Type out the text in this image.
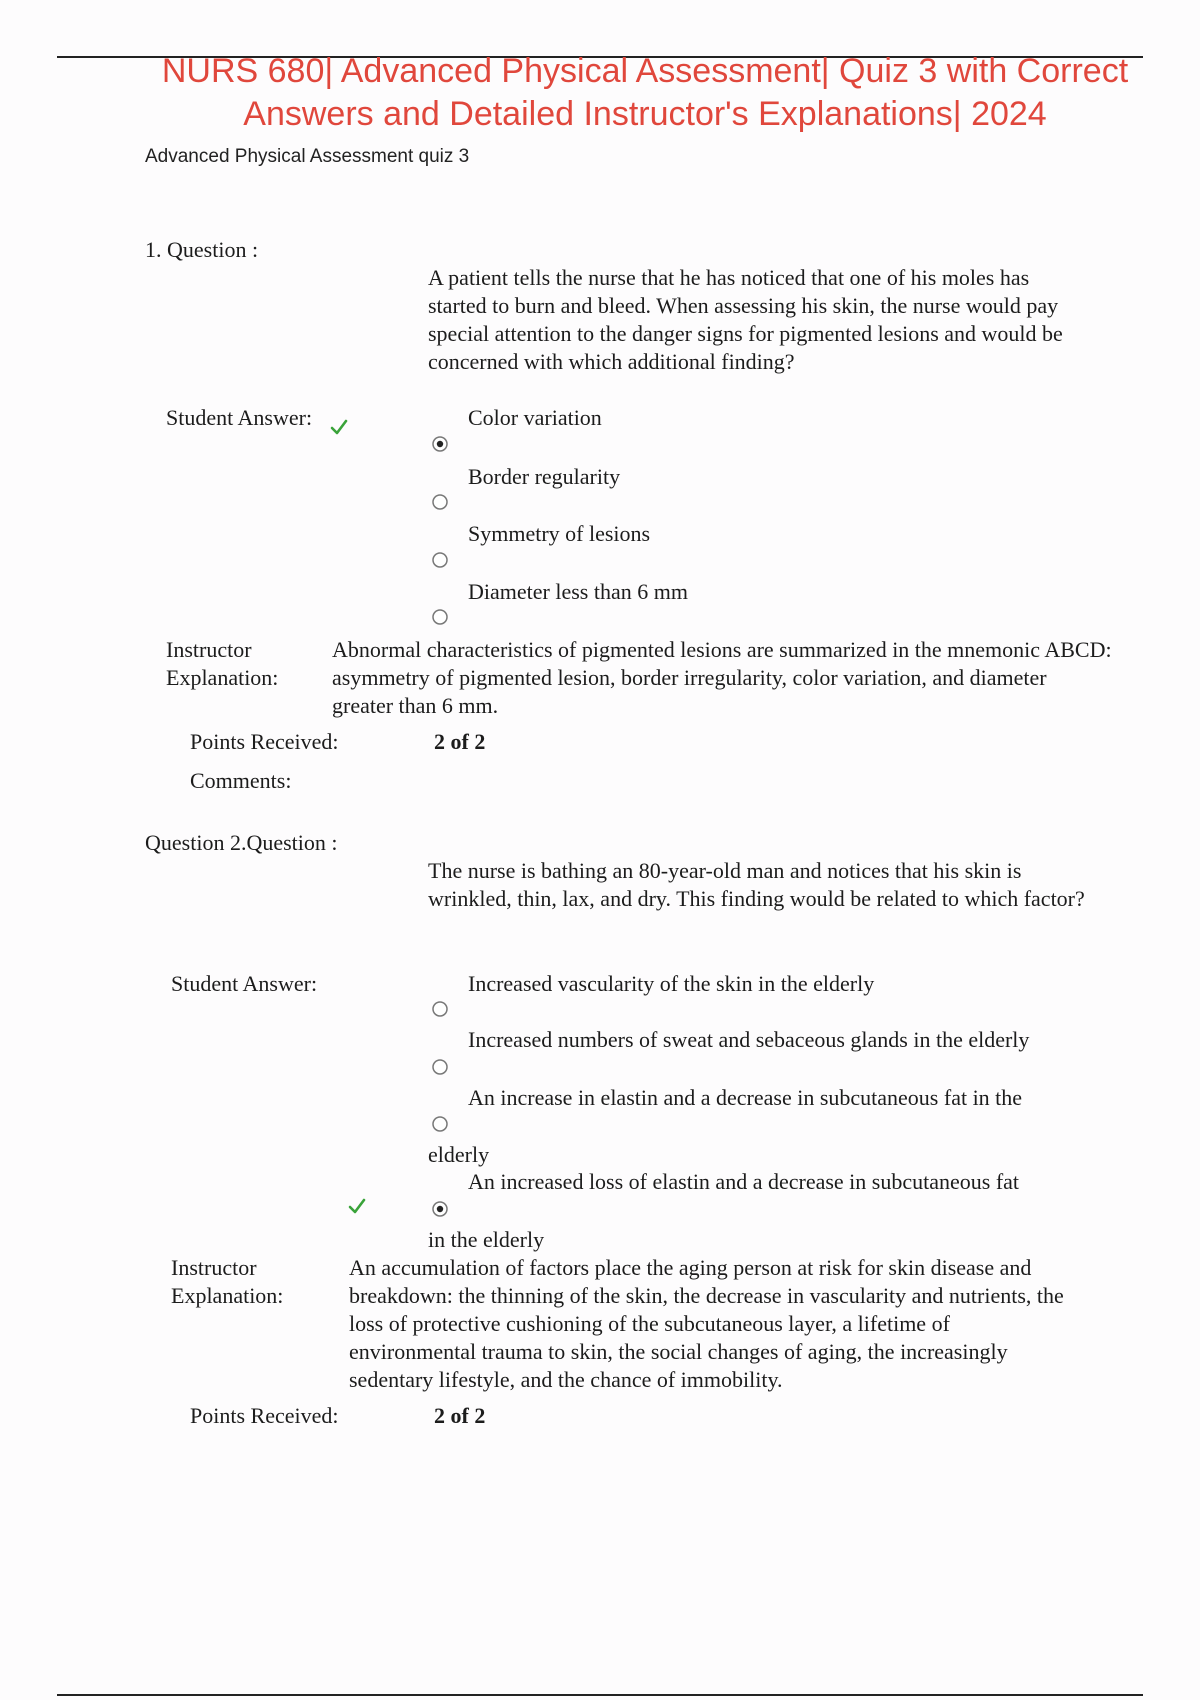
NURS 680| Advanced Physical Assessment| Quiz 3 with Correct Answers and Detailed Instructor's Explanations| 2024
Advanced Physical Assessment quiz 3
1. Question :
A patient tells the nurse that he has noticed that one of his moles has started to burn and bleed. When assessing his skin, the nurse would pay special attention to the danger signs for pigmented lesions and would be concerned with which additional finding?
Student Answer:	Color variation
Border regularity
Symmetry of lesions
Diameter less than 6 mm
Instructor
Explanation:
Abnormal characteristics of pigmented lesions are summarized in the mnemonic ABCD: asymmetry of pigmented lesion, border irregularity, color variation, and diameter greater than 6 mm.
Points Received:	2 of 2
Comments:
Question 2.Question :
The nurse is bathing an 80-year-old man and notices that his skin is wrinkled, thin, lax, and dry. This finding would be related to which factor?
Student Answer:	Increased vascularity of the skin in the elderly
Increased numbers of sweat and sebaceous glands in the elderly
An increase in elastin and a decrease in subcutaneous fat in the
elderly
An increased loss of elastin and a decrease in subcutaneous fat
in the elderly
Instructor
Explanation:
An accumulation of factors place the aging person at risk for skin disease and breakdown: the thinning of the skin, the decrease in vascularity and nutrients, the loss of protective cushioning of the subcutaneous layer, a lifetime of environmental trauma to skin, the social changes of aging, the increasingly sedentary lifestyle, and the chance of immobility.
Points Received:	2 of 2
